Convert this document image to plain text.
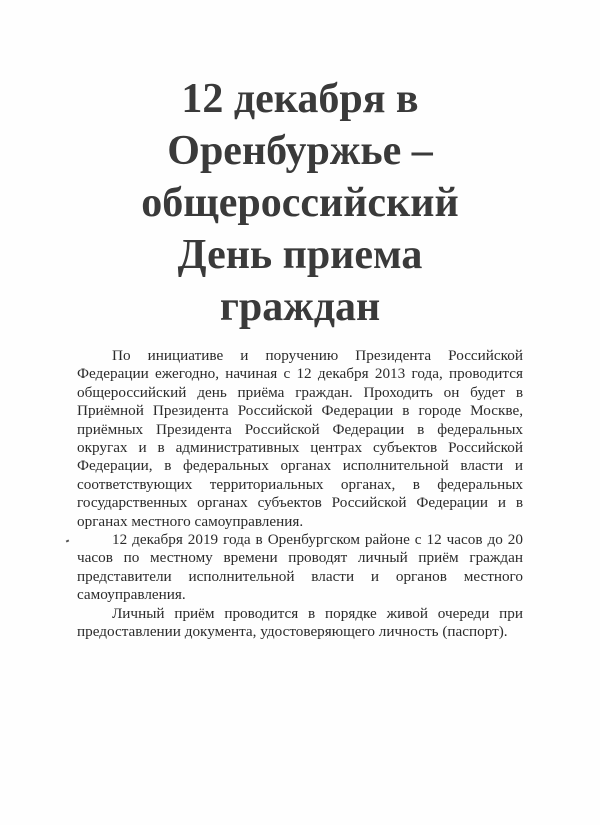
12 декабря в
Оренбуржье –
общероссийский
День приема
граждан

По инициативе и поручению Президента Российской Федерации ежегодно, начиная с 12 декабря 2013 года, проводится общероссийский день приёма граждан. Проходить он будет в Приёмной Президента Российской Федерации в городе Москве, приёмных Президента Российской Федерации в федеральных округах и в административных центрах субъектов Российской Федерации, в федеральных органах исполнительной власти и соответствующих территориальных органах, в федеральных государственных органах субъектов Российской Федерации и в органах местного самоуправления.

12 декабря 2019 года в Оренбургском районе с 12 часов до 20 часов по местному времени проводят личный приём граждан представители исполнительной власти и органов местного самоуправления.

Личный приём проводится в порядке живой очереди при предоставлении документа, удостоверяющего личность (паспорт).
